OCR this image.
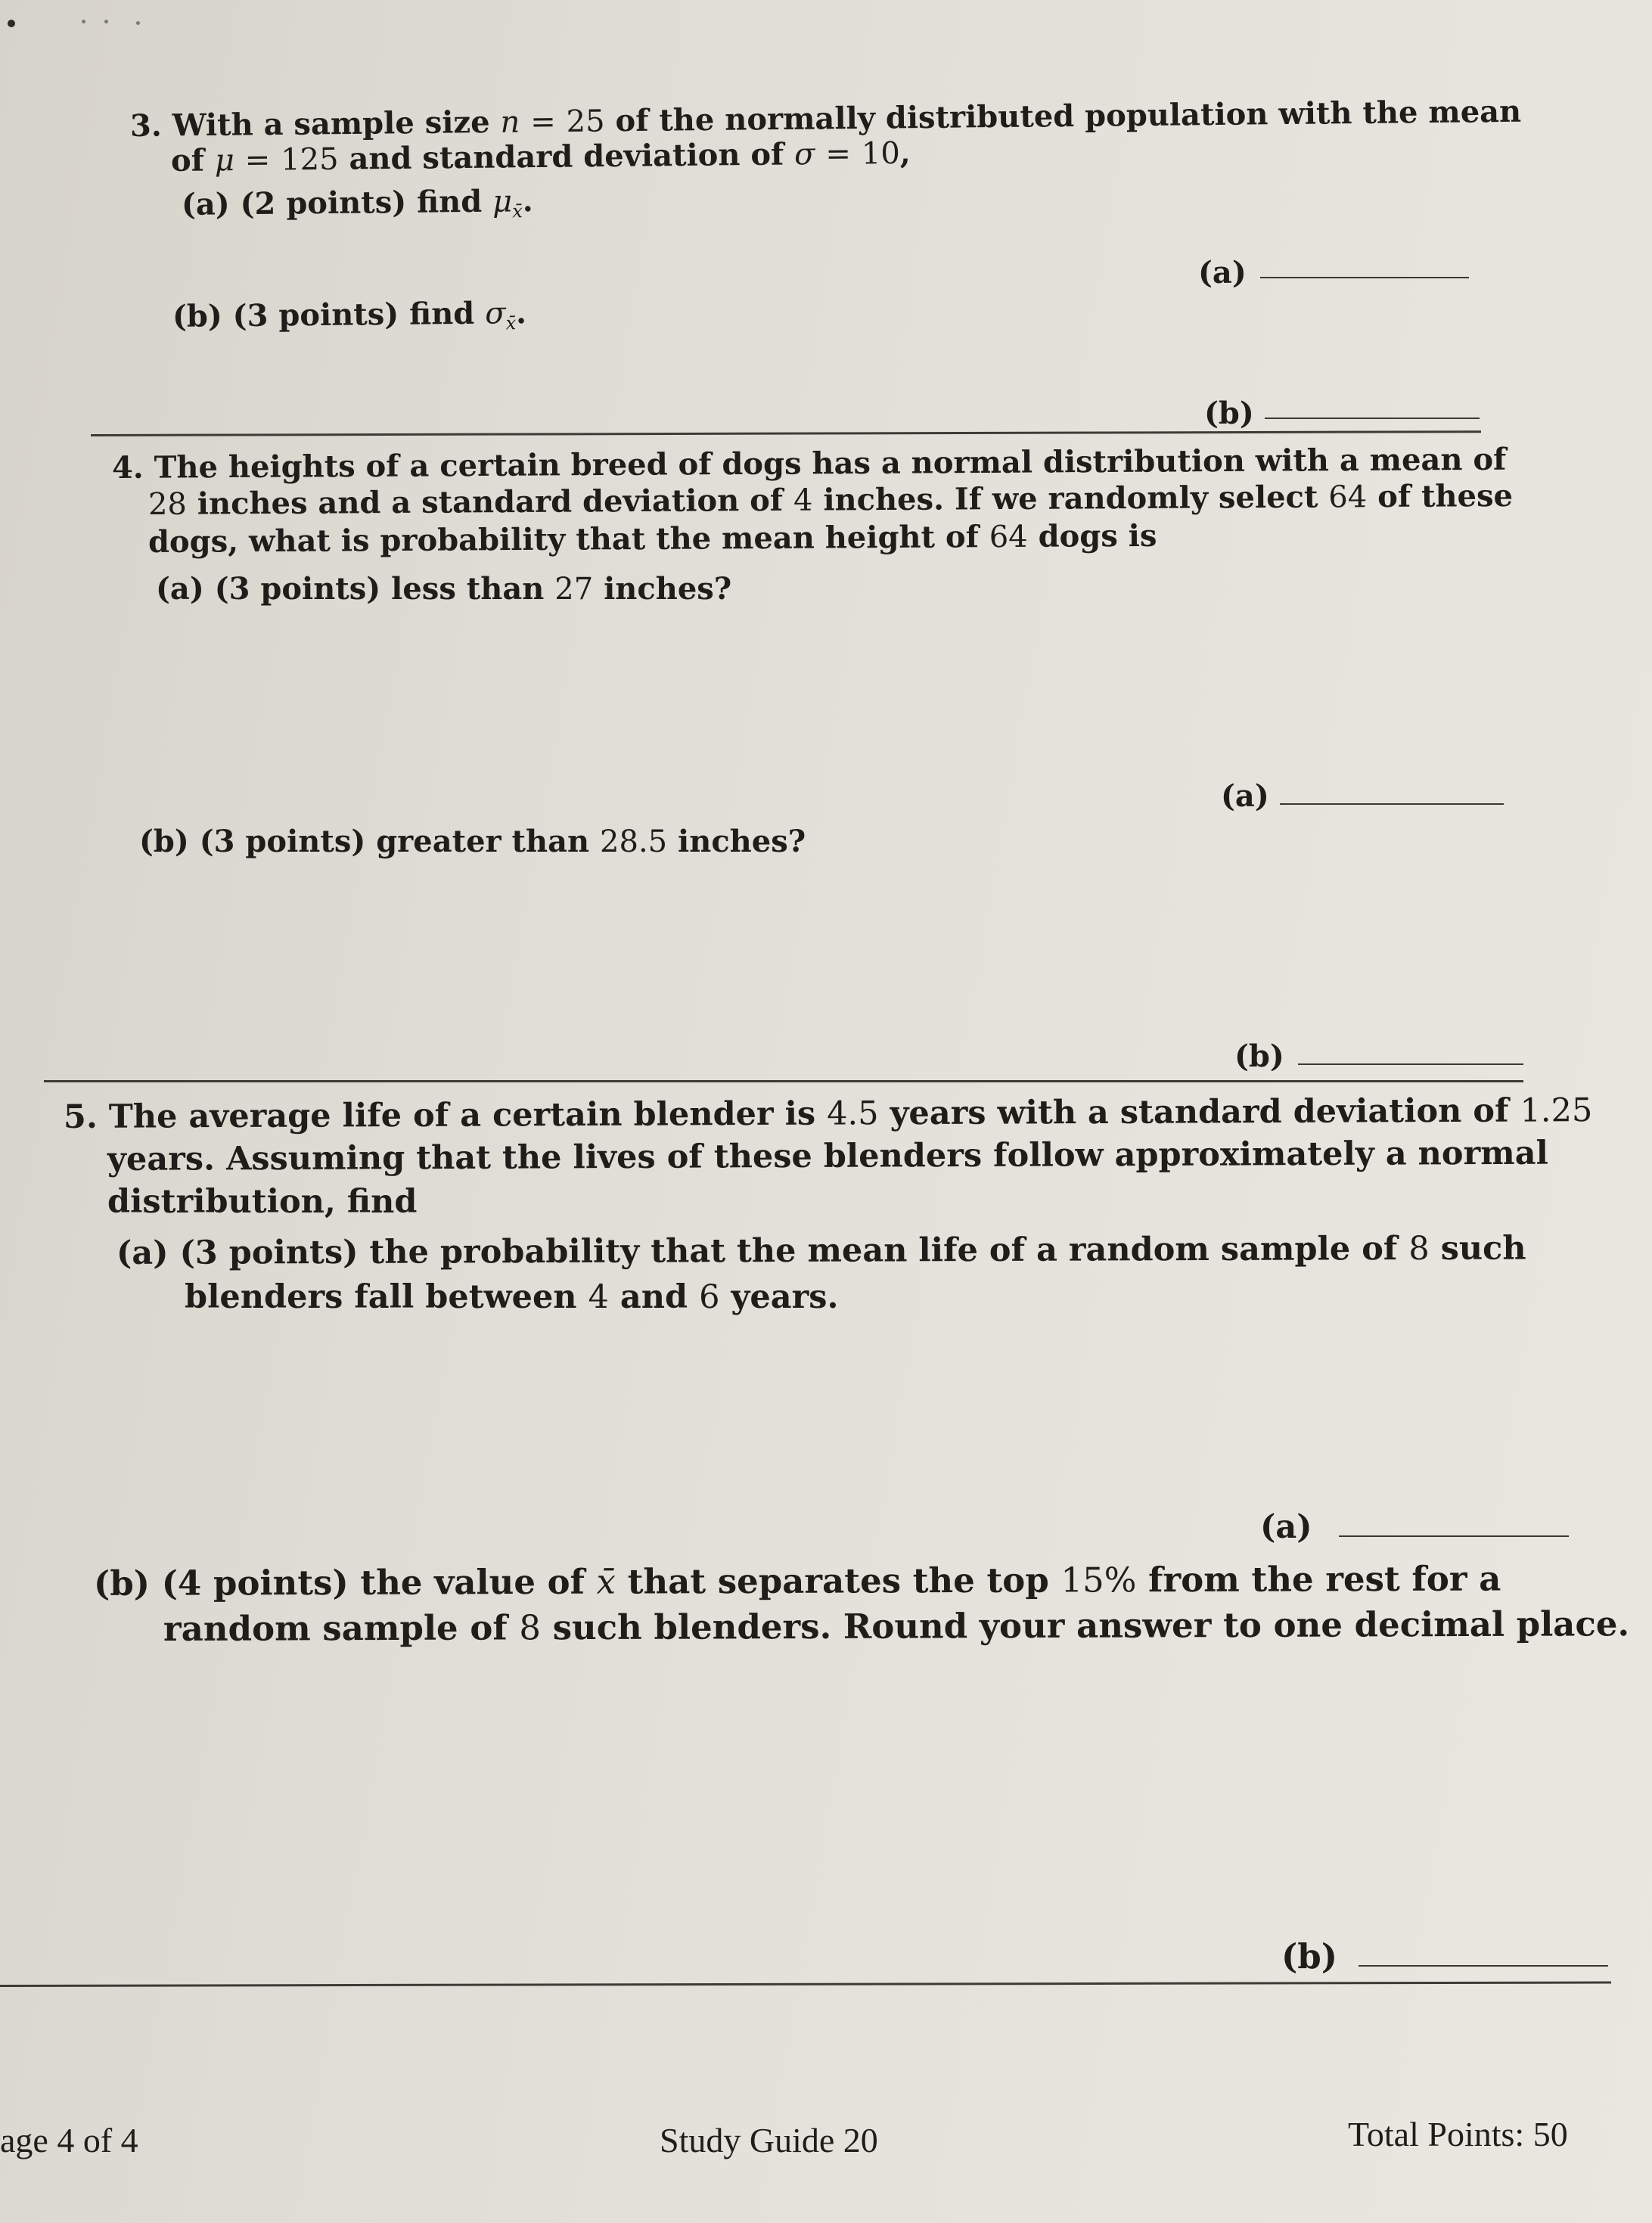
3. With a sample size n = 25 of the normally distributed population with the mean
of μ = 125 and standard deviation of σ = 10,
(a) (2 points) find $\mu_{x̄}$.
(a)
(b) (3 points) find $\sigma_{x̄}$.
(b)
4. The heights of a certain breed of dogs has a normal distribution with a mean of
28 inches and a standard deviation of 4 inches. If we randomly select 64 of these
dogs, what is probability that the mean height of 64 dogs is
(a) (3 points) less than 27 inches?
(a)
(b) (3 points) greater than 28.5 inches?
(b)
5. The average life of a certain blender is 4.5 years with a standard deviation of 1.25
years. Assuming that the lives of these blenders follow approximately a normal
distribution, find
(a) (3 points) the probability that the mean life of a random sample of 8 such
blenders fall between 4 and 6 years.
(a)
(b) (4 points) the value of x̄ that separates the top 15% from the rest for a
random sample of 8 such blenders. Round your answer to one decimal place.
(b)
age 4 of 4	Study Guide 20	Total Points: 50
